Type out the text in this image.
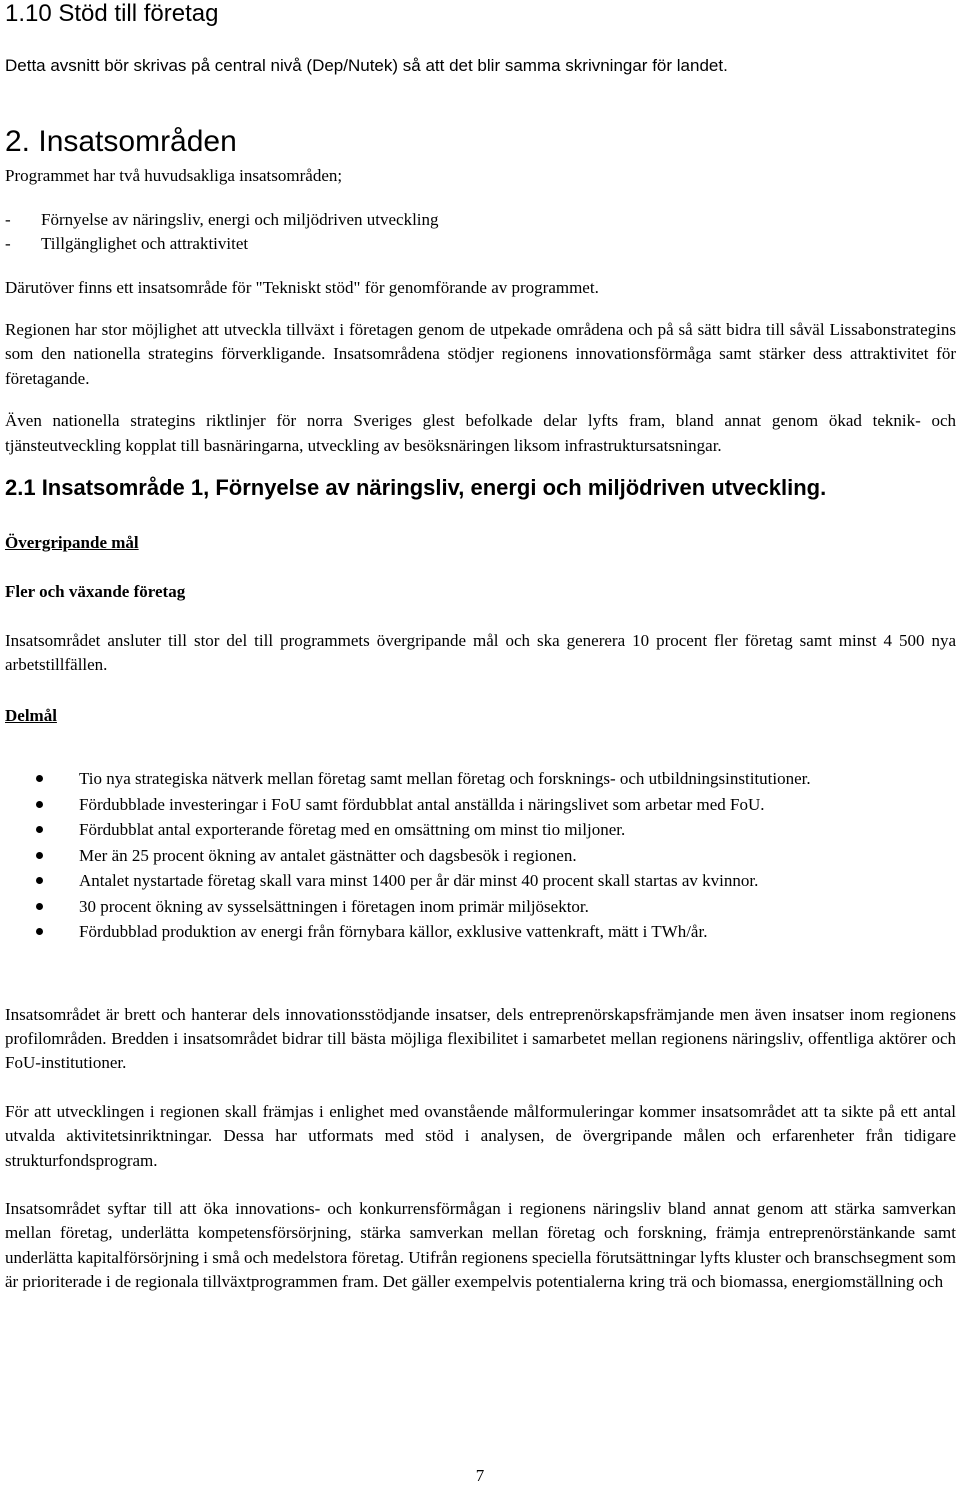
1.10 Stöd till företag

Detta avsnitt bör skrivas på central nivå (Dep/Nutek) så att det blir samma skrivningar för landet.

2. Insatsområden

Programmet har två huvudsakliga insatsområden;

- Förnyelse av näringsliv, energi och miljödriven utveckling
- Tillgänglighet och attraktivitet

Därutöver finns ett insatsområde för "Tekniskt stöd" för genomförande av programmet.

Regionen har stor möjlighet att utveckla tillväxt i företagen genom de utpekade områdena och på så sätt bidra till såväl Lissabonstrategins som den nationella strategins förverkligande. Insatsområdena stödjer regionens innovationsförmåga samt stärker dess attraktivitet för företagande.

Även nationella strategins riktlinjer för norra Sveriges glest befolkade delar lyfts fram, bland annat genom ökad teknik- och tjänsteutveckling kopplat till basnäringarna, utveckling av besöksnäringen liksom infrastruktursatsningar.

2.1 Insatsområde 1, Förnyelse av näringsliv, energi och miljödriven utveckling.

Övergripande mål

Fler och växande företag

Insatsområdet ansluter till stor del till programmets övergripande mål och ska generera 10 procent fler företag samt minst 4 500 nya arbetstillfällen.

Delmål

Tio nya strategiska nätverk mellan företag samt mellan företag och forsknings- och utbildningsinstitutioner.
Fördubblade investeringar i FoU samt fördubblat antal anställda i näringslivet som arbetar med FoU.
Fördubblat antal exporterande företag med en omsättning om minst tio miljoner.
Mer än 25 procent ökning av antalet gästnätter och dagsbesök i regionen.
Antalet nystartade företag skall vara minst 1400 per år där minst 40 procent skall startas av kvinnor.
30 procent ökning av sysselsättningen i företagen inom primär miljösektor.
Fördubblad produktion av energi från förnybara källor, exklusive vattenkraft, mätt i TWh/år.

Insatsområdet är brett och hanterar dels innovationsstödjande insatser, dels entreprenörskapsfrämjande men även insatser inom regionens profilområden. Bredden i insatsområdet bidrar till bästa möjliga flexibilitet i samarbetet mellan regionens näringsliv, offentliga aktörer och FoU-institutioner.

För att utvecklingen i regionen skall främjas i enlighet med ovanstående målformuleringar kommer insatsområdet att ta sikte på ett antal utvalda aktivitetsinriktningar. Dessa har utformats med stöd i analysen, de övergripande målen och erfarenheter från tidigare strukturfondsprogram.

Insatsområdet syftar till att öka innovations- och konkurrensförmågan i regionens näringsliv bland annat genom att stärka samverkan mellan företag, underlätta kompetensförsörjning, stärka samverkan mellan företag och forskning, främja entreprenörstänkande samt underlätta kapitalförsörjning i små och medelstora företag. Utifrån regionens speciella förutsättningar lyfts kluster och branschsegment som är prioriterade i de regionala tillväxtprogrammen fram. Det gäller exempelvis potentialerna kring trä och biomassa, energiomställning och

7
